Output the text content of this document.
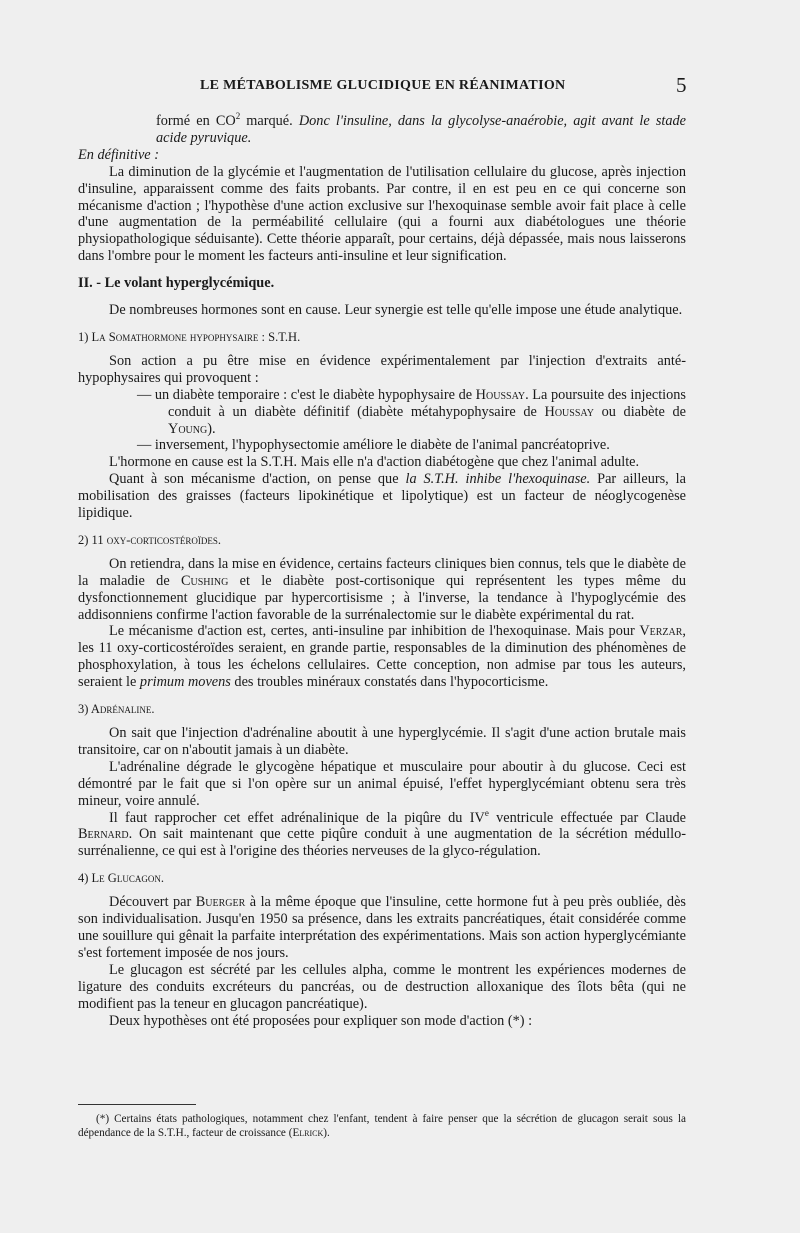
LE MÉTABOLISME GLUCIDIQUE EN RÉANIMATION	5

formé en $CO^2$ marqué. Donc l'insuline, dans la glycolyse-anaérobie, agit avant le stade acide pyruvique.

En définitive :

La diminution de la glycémie et l'augmentation de l'utilisation cellulaire du glucose, après injection d'insuline, apparaissent comme des faits probants. Par contre, il en est peu en ce qui concerne son mécanisme d'action ; l'hypothèse d'une action exclusive sur l'hexoquinase semble avoir fait place à celle d'une augmentation de la perméabilité cellulaire (qui a fourni aux diabétologues une théorie physiopathologique séduisante). Cette théorie apparaît, pour certains, déjà dépassée, mais nous laisserons dans l'ombre pour le moment les facteurs anti-insuline et leur signification.

II. - Le volant hyperglycémique.

De nombreuses hormones sont en cause. Leur synergie est telle qu'elle impose une étude analytique.

1) La Somathormone hypophysaire : S.T.H.

Son action a pu être mise en évidence expérimentalement par l'injection d'extraits anté-hypophysaires qui provoquent :

— un diabète temporaire : c'est le diabète hypophysaire de Houssay. La poursuite des injections conduit à un diabète définitif (diabète métahypophysaire de Houssay ou diabète de Young).

— inversement, l'hypophysectomie améliore le diabète de l'animal pancréatoprive.

L'hormone en cause est la S.T.H. Mais elle n'a d'action diabétogène que chez l'animal adulte.

Quant à son mécanisme d'action, on pense que la S.T.H. inhibe l'hexoquinase. Par ailleurs, la mobilisation des graisses (facteurs lipokinétique et lipolytique) est un facteur de néoglycogenèse lipidique.

2) 11 oxy-corticostéroïdes.

On retiendra, dans la mise en évidence, certains facteurs cliniques bien connus, tels que le diabète de la maladie de Cushing et le diabète post-cortisonique qui représentent les types même du dysfonctionnement glucidique par hypercortisisme ; à l'inverse, la tendance à l'hypoglycémie des addisonniens confirme l'action favorable de la surrénalectomie sur le diabète expérimental du rat.

Le mécanisme d'action est, certes, anti-insuline par inhibition de l'hexoquinase. Mais pour Verzar, les 11 oxy-corticostéroïdes seraient, en grande partie, responsables de la diminution des phénomènes de phosphoxylation, à tous les échelons cellulaires. Cette conception, non admise par tous les auteurs, seraient le primum movens des troubles minéraux constatés dans l'hypocorticisme.

3) Adrénaline.

On sait que l'injection d'adrénaline aboutit à une hyperglycémie. Il s'agit d'une action brutale mais transitoire, car on n'aboutit jamais à un diabète.

L'adrénaline dégrade le glycogène hépatique et musculaire pour aboutir à du glucose. Ceci est démontré par le fait que si l'on opère sur un animal épuisé, l'effet hyperglycémiant obtenu sera très mineur, voire annulé.

Il faut rapprocher cet effet adrénalinique de la piqûre du IVe ventricule effectuée par Claude Bernard. On sait maintenant que cette piqûre conduit à une augmentation de la sécrétion médullo-surrénalienne, ce qui est à l'origine des théories nerveuses de la glyco-régulation.

4) Le Glucagon.

Découvert par Buerger à la même époque que l'insuline, cette hormone fut à peu près oubliée, dès son individualisation. Jusqu'en 1950 sa présence, dans les extraits pancréatiques, était considérée comme une souillure qui gênait la parfaite interprétation des expérimentations. Mais son action hyperglycémiante s'est fortement imposée de nos jours.

Le glucagon est sécrété par les cellules alpha, comme le montrent les expériences modernes de ligature des conduits excréteurs du pancréas, ou de destruction alloxanique des îlots bêta (qui ne modifient pas la teneur en glucagon pancréatique).

Deux hypothèses ont été proposées pour expliquer son mode d'action (*) :

(*) Certains états pathologiques, notamment chez l'enfant, tendent à faire penser que la sécrétion de glucagon serait sous la dépendance de la S.T.H., facteur de croissance (Elrick).
